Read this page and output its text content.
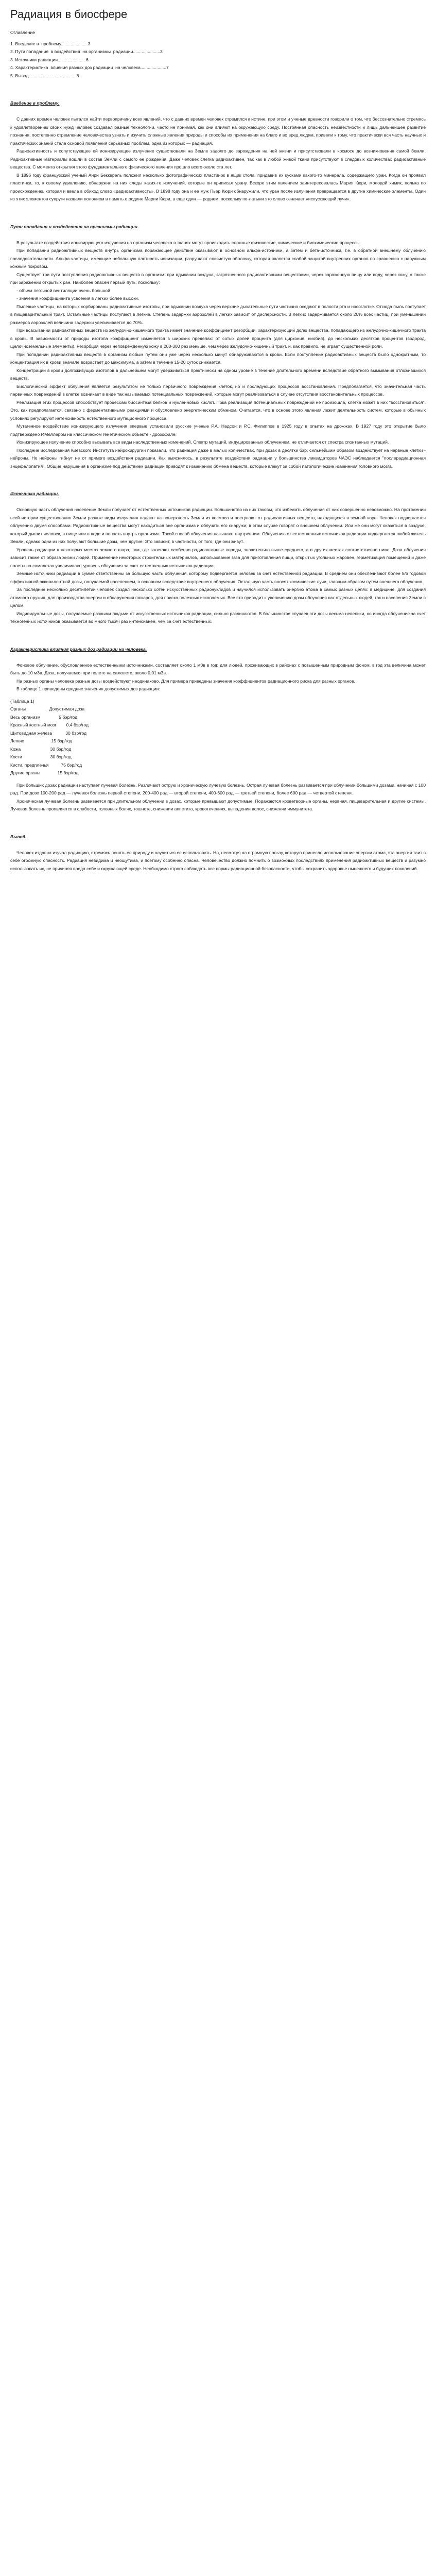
Радиация в биосфере
Оглавление
1. Введение в  проблему......................3
2. Пути попадания  в воздействия  на организмы  радиации......................3
3. Источники радиации.......................6
4. Характеристика  влияния разных доз радиации  на человека.....................7
5. Вывод.......................................8
Введение в проблему.
С давних времен человек пытался найти первопричину всех явлений, что с давних времен человек стремился к истине, при этом и ученые древности говорили о том, что бессознательно стремясь к удовлетворению своих нужд человек создавал разные технологии, часто не понимая, как они влияют на окружающую среду. Постоянная опасность неизвестности и лишь дальнейшее развитие познания, постепенно стремление человечества узнать и изучить сложные явления природы и способы их применения на благо и во вред людям, привели к тому, что практически вся часть научных и практических знаний стала основой появления серьезных проблем, одна из которых — радиация.
Радиоактивность и сопутствующее ей ионизирующее излучение существовали на Земле задолго до зарождения на ней жизни и присутствовали в космосе до возникновения самой Земли. Радиоактивные материалы вошли в состав Земли с самого ее рождения. Даже человек слегка радиоактивен, так как в любой живой ткани присутствуют в следовых количествах радиоактивные вещества. С момента открытия этого фундаментального физического явления прошло всего около ста лет.
В 1896 году французский ученый Анри Беккерель положил несколько фотографических пластинок в ящик стола, придавив их кусками какого-то минерала, содержащего уран. Когда он проявил пластинки, то, к своему удивлению, обнаружил на них следы каких-то излучений, которые он приписал урану. Вскоре этим явлением заинтересовалась Мария Кюри, молодой химик, полька по происхождению, которая и ввела в обиход слово «радиоактивность». В 1898 году она и ее муж Пьер Кюри обнаружили, что уран после излучения превращается в другие химические элементы. Один из этих элементов супруги назвали полонием в память о родине Марии Кюри, а еще один — радием, поскольку по-латыни это слово означает «испускающий лучи».
Пути попадания и воздействия на организмы радиации.
В результате воздействия ионизирующего излучения на организм человека в тканях могут происходить сложные физические, химические и биохимические процессы.
При попадании радиоактивных веществ внутрь организма поражающее действие оказывают в основном альфа-источники, а затем и бета-источники, т.е. в обратной внешнему облучению последовательности. Альфа-частицы, имеющие небольшую плотность ионизации, разрушают слизистую оболочку, которая является слабой защитой внутренних органов по сравнению с наружным кожным покровом.
Существует три пути поступления радиоактивных веществ в организм: при вдыхании воздуха, загрязненного радиоактивными веществами, через зараженную пищу или воду, через кожу, а также при заражении открытых ран. Наиболее опасен первый путь, поскольку:
- объем легочной вентиляции очень большой
- значения коэффициента усвоения в легких более высоки.
Пылевые частицы, на которых сорбированы радиоактивные изотопы, при вдыхании воздуха через верхние дыхательные пути частично оседают в полости рта и носоглотке. Отсюда пыль поступает в пищеварительный тракт. Остальные частицы поступают в легкие. Степень задержки аэрозолей в легких зависит от дисперсности. В легких задерживается около 20% всех частиц; при уменьшении размеров аэрозолей величина задержки увеличивается до 70%.
При всасывании радиоактивных веществ из желудочно-кишечного тракта имеет значение коэффициент резорбции, характеризующий долю вещества, попадающего из желудочно-кишечного тракта в кровь. В зависимости от природы изотопа коэффициент изменяется в широких пределах: от сотых долей процента (для циркония, ниобия), до нескольких десятков процентов (водород, щелочноземельные элементы). Резорбция через неповрежденную кожу в 200-300 раз меньше, чем через желудочно-кишечный тракт, и, как правило, не играет существенной роли.
При попадании радиоактивных веществ в организм любым путем они уже через несколько минут обнаруживаются в крови. Если поступление радиоактивных веществ было однократным, то концентрация их в крови вначале возрастает до максимума, а затем в течение 15-20 суток снижается.
Концентрации в крови долгоживущих изотопов в дальнейшем могут удерживаться практически на одном уровне в течение длительного времени вследствие обратного вымывания отложившихся веществ.
Биологический эффект облучения является результатом не только первичного повреждения клеток, но и последующих процессов восстановления. Предполагается, что значительная часть первичных повреждений в клетке возникает в виде так называемых потенциальных повреждений, которые могут реализоваться в случае отсутствия восстановительных процессов.
Реализация этих процессов способствует процессам биосинтеза белков и нуклеиновых кислот. Пока реализация потенциальных повреждений не произошла, клетка может в них "восстановиться". Это, как предполагается, связано с ферментативными реакциями и обусловлено энергетическим обменом. Считается, что в основе этого явления лежит деятельность систем, которые в обычных условиях регулируют интенсивность естественного мутационного процесса.
Мутагенное воздействие ионизирующего излучения впервые установили русские ученые Р.А. Надсон и Р.С. Филиппов в 1925 году в опытах на дрожжах. В 1927 году это открытие было подтверждено Р.Меллером на классическом генетическом объекте - дрозофиле.
Ионизирующее излучение способно вызывать все виды наследственных изменений. Спектр мутаций, индуцированных облучением, не отличается от спектра спонтанных мутаций.
Последние исследования Киевского Института нейрохирургии показали, что радиация даже в малых количествах, при дозах в десятки бэр, сильнейшим образом воздействует на нервные клетки - нейроны. Но нейроны гибнут не от прямого воздействия радиации. Как выяснилось, в результате воздействия радиации у большинства ликвидаторов ЧАЭС наблюдается "послерадиационная энцефалопатия". Общие нарушения в организме под действием радиации приводят к изменению обмена веществ, которые влекут за собой патологические изменения головного мозга.
Источники радиации.
Основную часть облучения население Земли получает от естественных источников радиации. Большинство из них таковы, что избежать облучения от них совершенно невозможно. На протяжении всей истории существования Земли разные виды излучения падают на поверхность Земли из космоса и поступают от радиоактивных веществ, находящихся в земной коре. Человек подвергается облучению двумя способами. Радиоактивные вещества могут находиться вне организма и облучать его снаружи; в этом случае говорят о внешнем облучении. Или же они могут оказаться в воздухе, который дышит человек, в пище или в воде и попасть внутрь организма. Такой способ облучения называют внутренним. Облучению от естественных источников радиации подвергается любой житель Земли, однако одни из них получают большие дозы, чем другие. Это зависит, в частности, от того, где они живут.
Уровень радиации в некоторых местах земного шара, там, где залегают особенно радиоактивные породы, значительно выше среднего, а в других местах соответственно ниже. Доза облучения зависит также от образа жизни людей. Применение некоторых строительных материалов, использование газа для приготовления пищи, открытых угольных жаровен, герметизация помещений и даже полеты на самолетах увеличивают уровень облучения за счет естественных источников радиации.
Земные источники радиации в сумме ответственны за большую часть облучения, которому подвергается человек за счет естественной радиации. В среднем они обеспечивают более 5/6 годовой эффективной эквивалентной дозы, получаемой населением, в основном вследствие внутреннего облучения. Остальную часть вносят космические лучи, главным образом путем внешнего облучения.
За последние несколько десятилетий человек создал несколько сотен искусственных радионуклидов и научился использовать энергию атома в самых разных целях: в медицине, для создания атомного оружия, для производства энергии и обнаружения пожаров, для поиска полезных ископаемых. Все это приводит к увеличению дозы облучения как отдельных людей, так и населения Земли в целом.
Индивидуальные дозы, получаемые разными людьми от искусственных источников радиации, сильно различаются. В большинстве случаев эти дозы весьма невелики, но иногда облучение за счет техногенных источников оказывается во много тысяч раз интенсивнее, чем за счет естественных.
Характеристика влияния разных доз радиации на человека.
Фоновое облучение, обусловленное естественными источниками, составляет около 1 мЗв в год; для людей, проживающих в районах с повышенным природным фоном, в год эта величина может быть до 10 мЗв. Доза, получаемая при полете на самолете, около 0,01 мЗв.
На разных органы человека разные дозы воздействуют неодинаково. Для примера приведены значения коэффициентов радиационного риска для разных органов.
В таблице 1 приведены средние значения допустимых доз радиации:
(Таблица 1)
Органы                   Допустимая доза
Весь организм               5 бэр/год
Красный костный мозг        0,4 бэр/год
Щитовидная железа           30 бэр/год
Легкие                      15 бэр/год
Кожа                        30 бэр/год
Кости                       30 бэр/год
Кисти, предплечья          75 бэр/год
Другие органы              15 бэр/год
При больших дозах радиации наступает лучевая болезнь. Различают острую и хроническую лучевую болезнь. Острая лучевая болезнь развивается при облучении большими дозами, начиная с 100 рад. При дозе 100-200 рад — лучевая болезнь первой степени, 200-400 рад — второй степени, 400-600 рад — третьей степени, более 600 рад — четвертой степени.
Хроническая лучевая болезнь развивается при длительном облучении в дозах, которые превышают допустимые. Поражаются кроветворные органы, нервная, пищеварительная и другие системы. Лучевая болезнь проявляется в слабости, головных болях, тошноте, снижении аппетита, кровотечениях, выпадении волос, снижении иммунитета.
Вывод.
Человек издавна изучал радиацию, стремясь понять ее природу и научиться ее использовать. Но, несмотря на огромную пользу, которую принесло использование энергии атома, эта энергия таит в себе огромную опасность. Радиация невидима и неощутима, и поэтому особенно опасна. Человечество должно помнить о возможных последствиях применения радиоактивных веществ и разумно использовать их, не причиняя вреда себе и окружающей среде. Необходимо строго соблюдать все нормы радиационной безопасности, чтобы сохранить здоровье нынешнего и будущих поколений.
